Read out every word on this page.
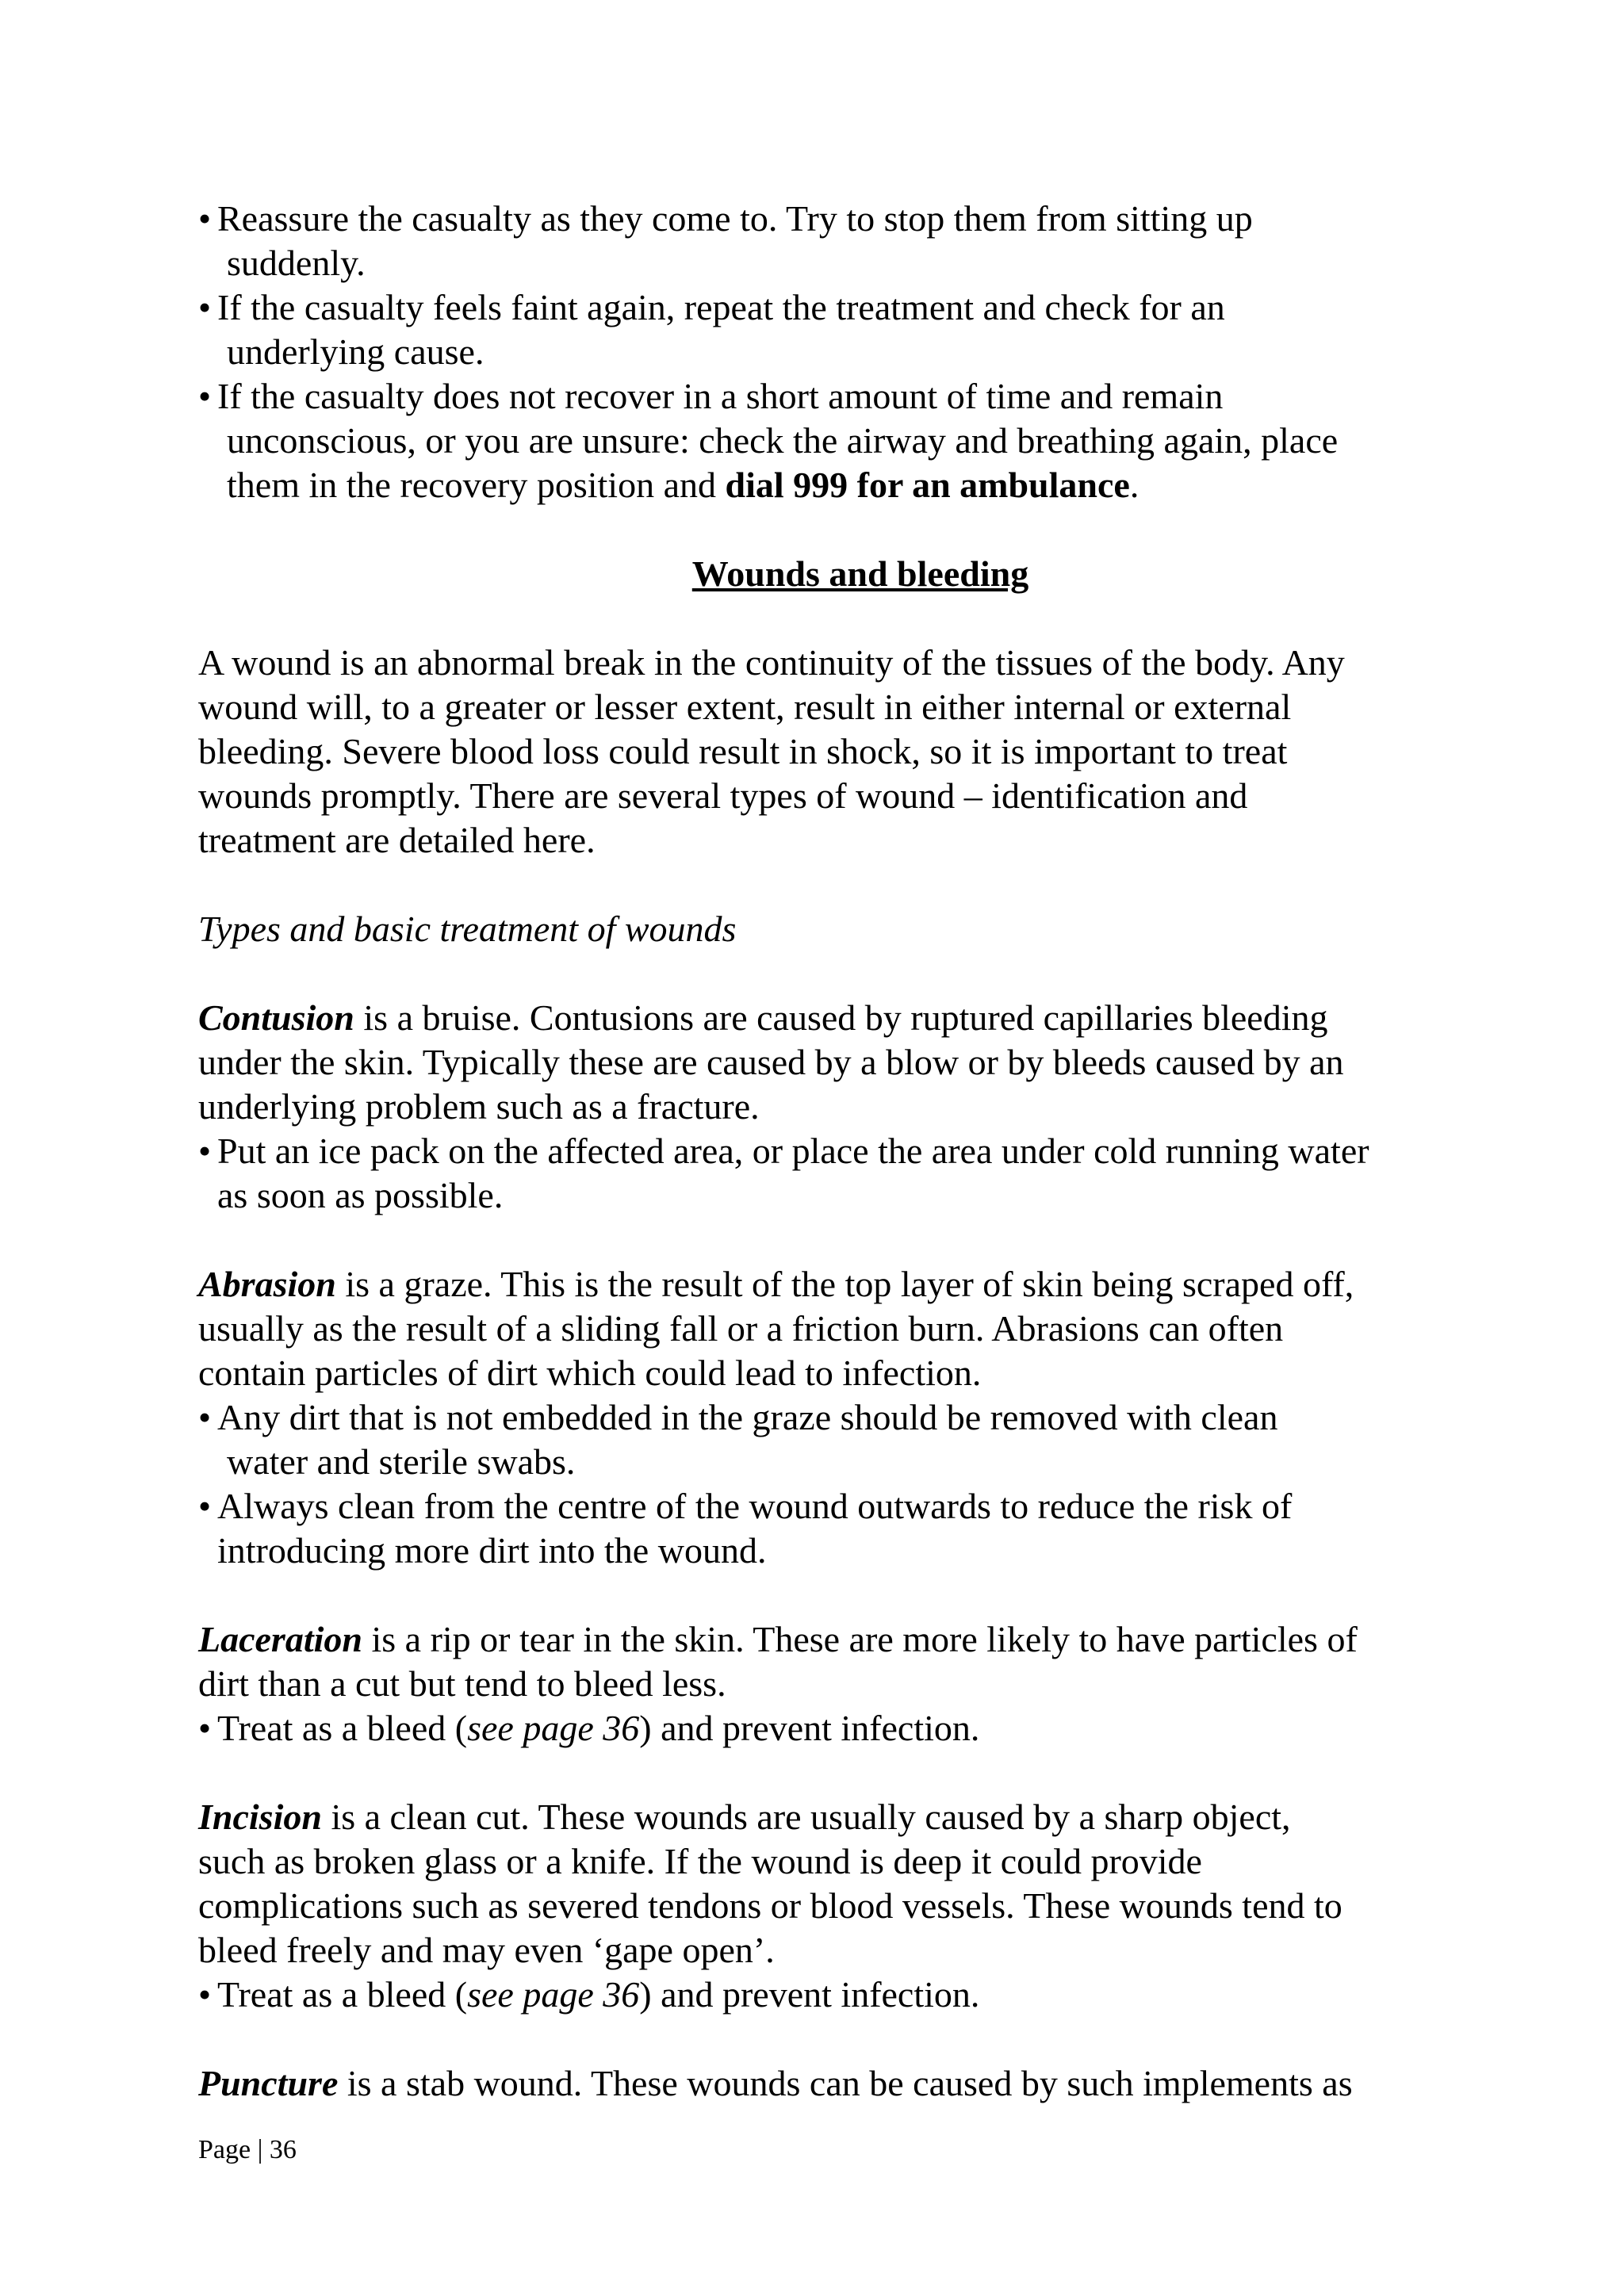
• Reassure the casualty as they come to. Try to stop them from sitting up

suddenly.

• If the casualty feels faint again, repeat the treatment and check for an

underlying cause.

• If the casualty does not recover in a short amount of time and remain

unconscious, or you are unsure: check the airway and breathing again, place

them in the recovery position and dial 999 for an ambulance.

Wounds and bleeding

A wound is an abnormal break in the continuity of the tissues of the body. Any

wound will, to a greater or lesser extent, result in either internal or external

bleeding. Severe blood loss could result in shock, so it is important to treat

wounds promptly. There are several types of wound – identification and

treatment are detailed here.

Types and basic treatment of wounds

Contusion is a bruise. Contusions are caused by ruptured capillaries bleeding

under the skin. Typically these are caused by a blow or by bleeds caused by an

underlying problem such as a fracture.

• Put an ice pack on the affected area, or place the area under cold running water

as soon as possible.

Abrasion is a graze. This is the result of the top layer of skin being scraped off,

usually as the result of a sliding fall or a friction burn. Abrasions can often

contain particles of dirt which could lead to infection.

• Any dirt that is not embedded in the graze should be removed with clean

water and sterile swabs.

• Always clean from the centre of the wound outwards to reduce the risk of

introducing more dirt into the wound.

Laceration is a rip or tear in the skin. These are more likely to have particles of

dirt than a cut but tend to bleed less.

• Treat as a bleed (see page 36) and prevent infection.

Incision is a clean cut. These wounds are usually caused by a sharp object,

such as broken glass or a knife. If the wound is deep it could provide

complications such as severed tendons or blood vessels. These wounds tend to

bleed freely and may even ‘gape open’.

• Treat as a bleed (see page 36) and prevent infection.

Puncture is a stab wound. These wounds can be caused by such implements as

Page | 36
